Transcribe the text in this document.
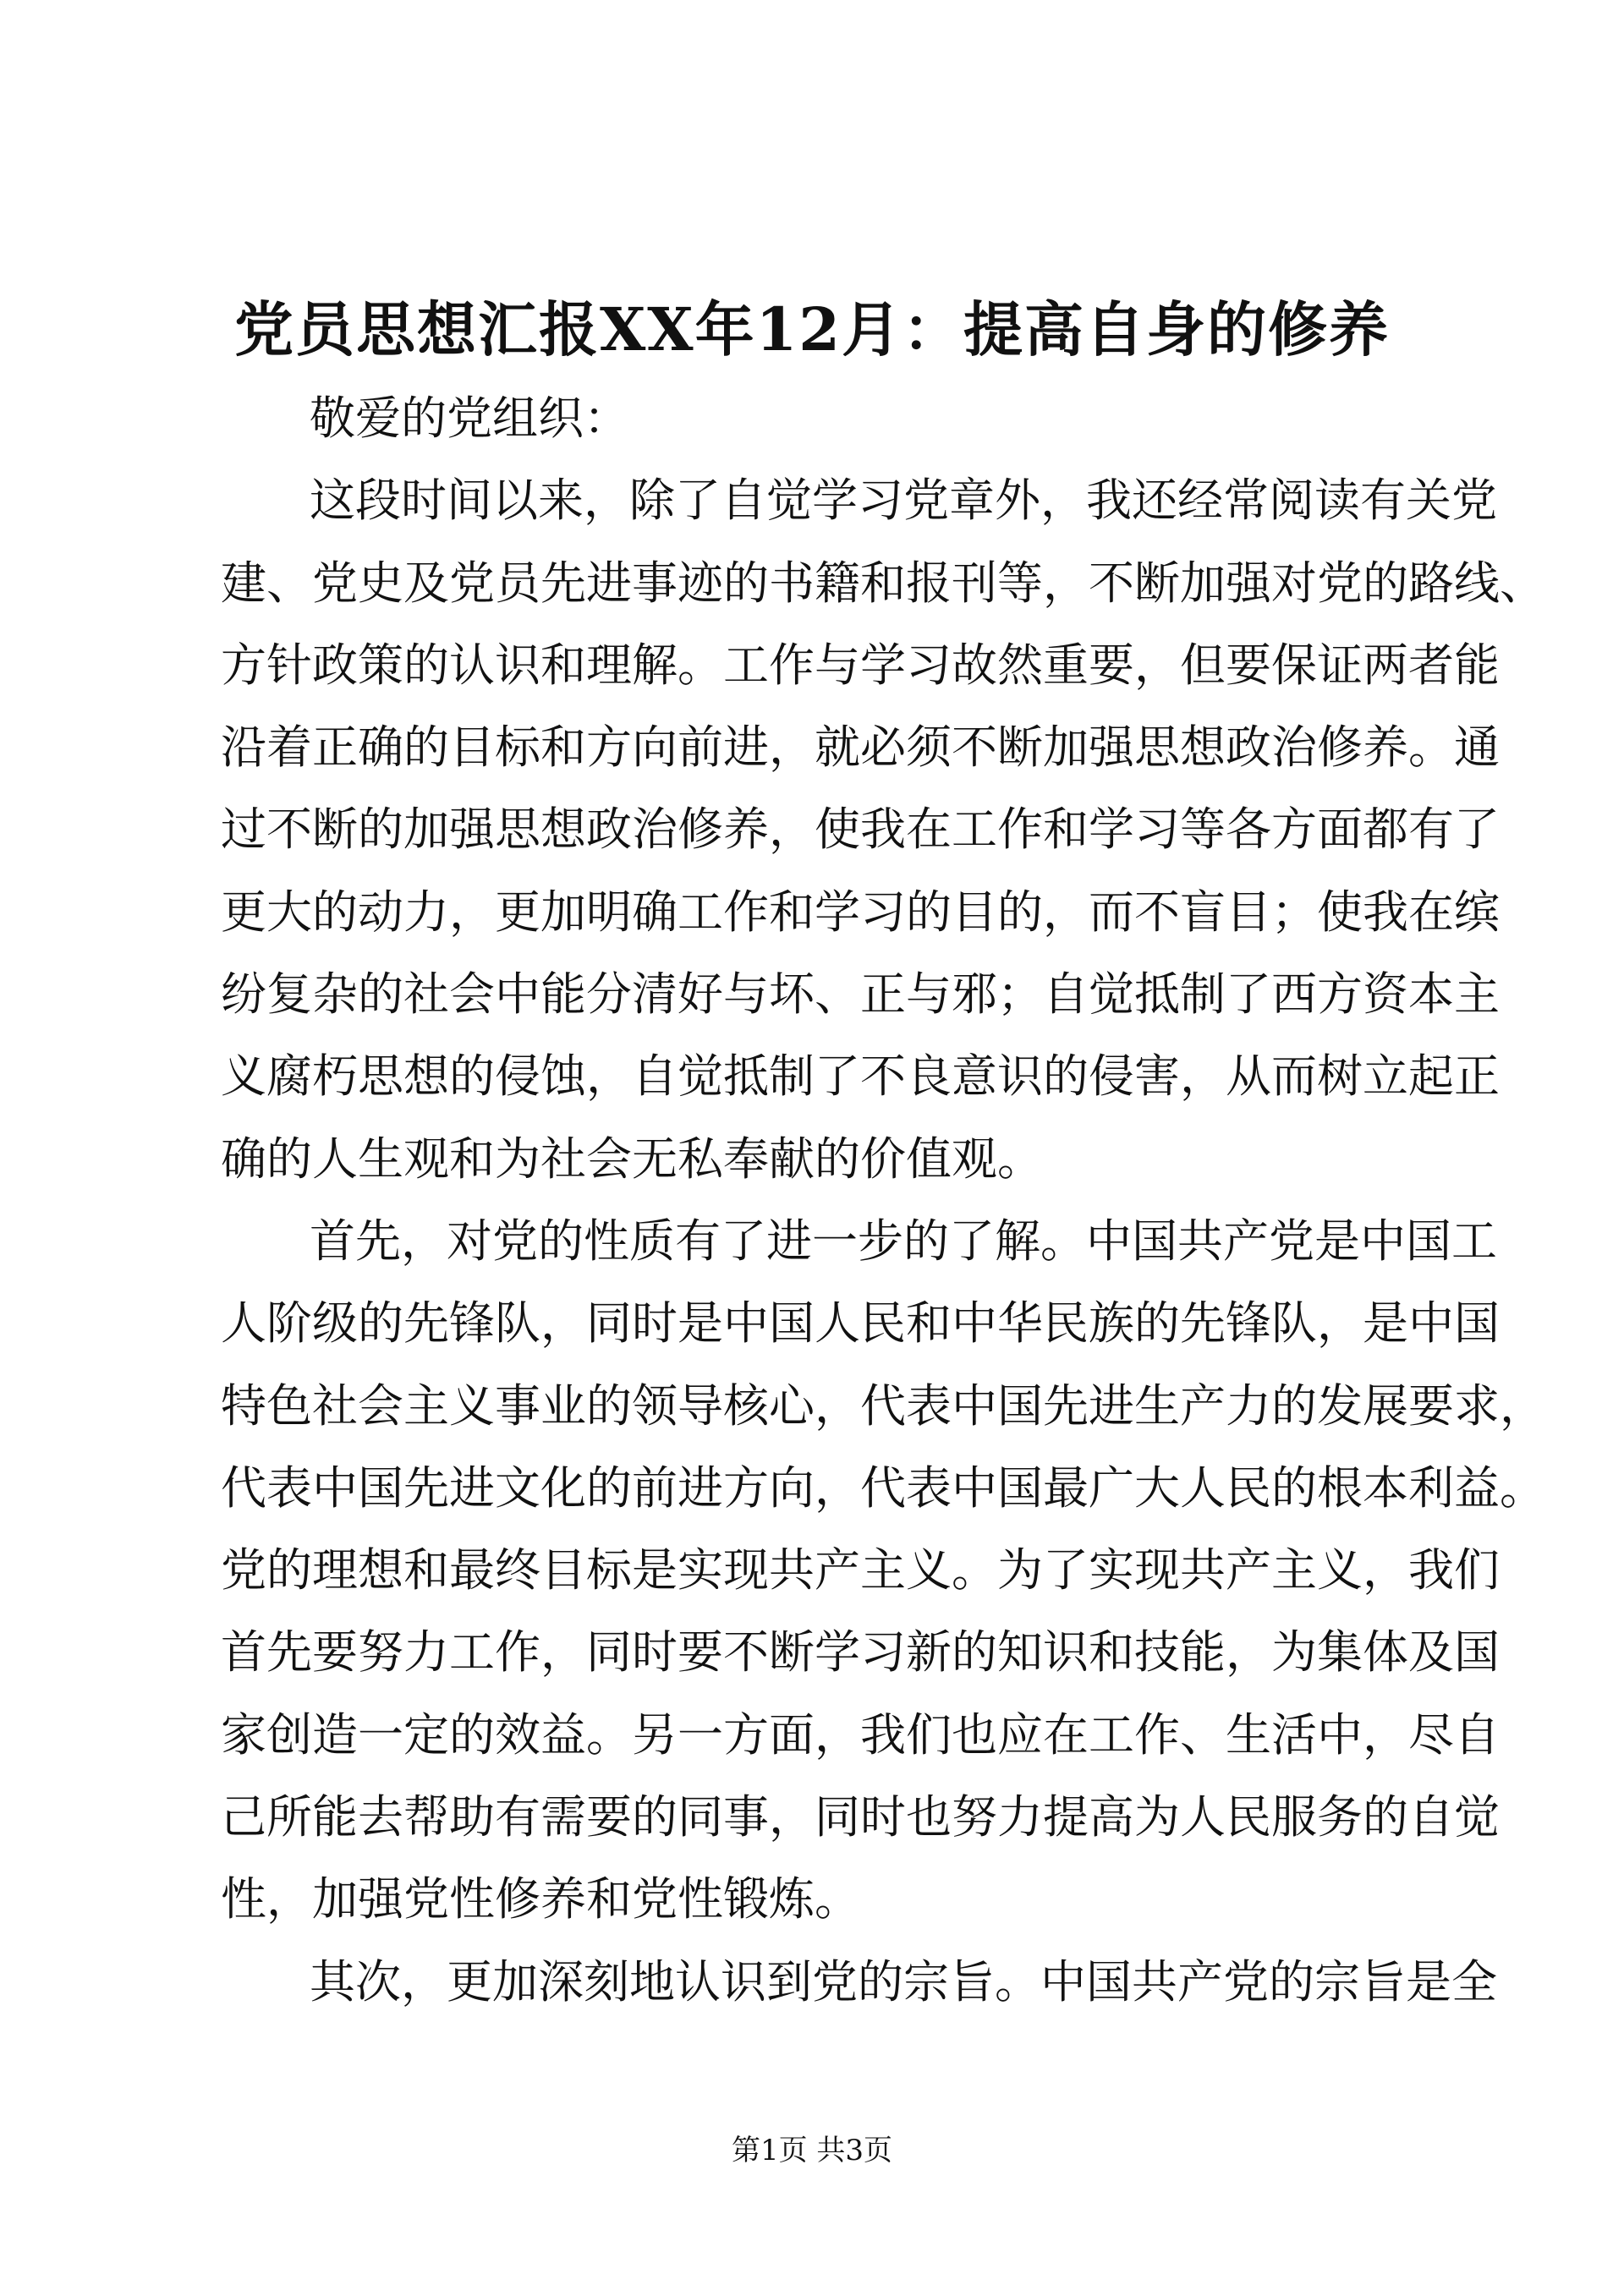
党员思想汇报XX年12月：提高自身的修养
敬爱的党组织：
这段时间以来，除了自觉学习党章外，我还经常阅读有关党
建、党史及党员先进事迹的书籍和报刊等，不断加强对党的路线、
方针政策的认识和理解。工作与学习故然重要，但要保证两者能
沿着正确的目标和方向前进，就必须不断加强思想政治修养。通
过不断的加强思想政治修养，使我在工作和学习等各方面都有了
更大的动力，更加明确工作和学习的目的，而不盲目；使我在缤
纷复杂的社会中能分清好与坏、正与邪；自觉抵制了西方资本主
义腐朽思想的侵蚀，自觉抵制了不良意识的侵害，从而树立起正
确的人生观和为社会无私奉献的价值观。
首先，对党的性质有了进一步的了解。中国共产党是中国工
人阶级的先锋队，同时是中国人民和中华民族的先锋队，是中国
特色社会主义事业的领导核心，代表中国先进生产力的发展要求，
代表中国先进文化的前进方向，代表中国最广大人民的根本利益。
党的理想和最终目标是实现共产主义。为了实现共产主义，我们
首先要努力工作，同时要不断学习新的知识和技能，为集体及国
家创造一定的效益。另一方面，我们也应在工作、生活中，尽自
己所能去帮助有需要的同事，同时也努力提高为人民服务的自觉
性，加强党性修养和党性锻炼。
其次，更加深刻地认识到党的宗旨。中国共产党的宗旨是全
第1页 共3页
